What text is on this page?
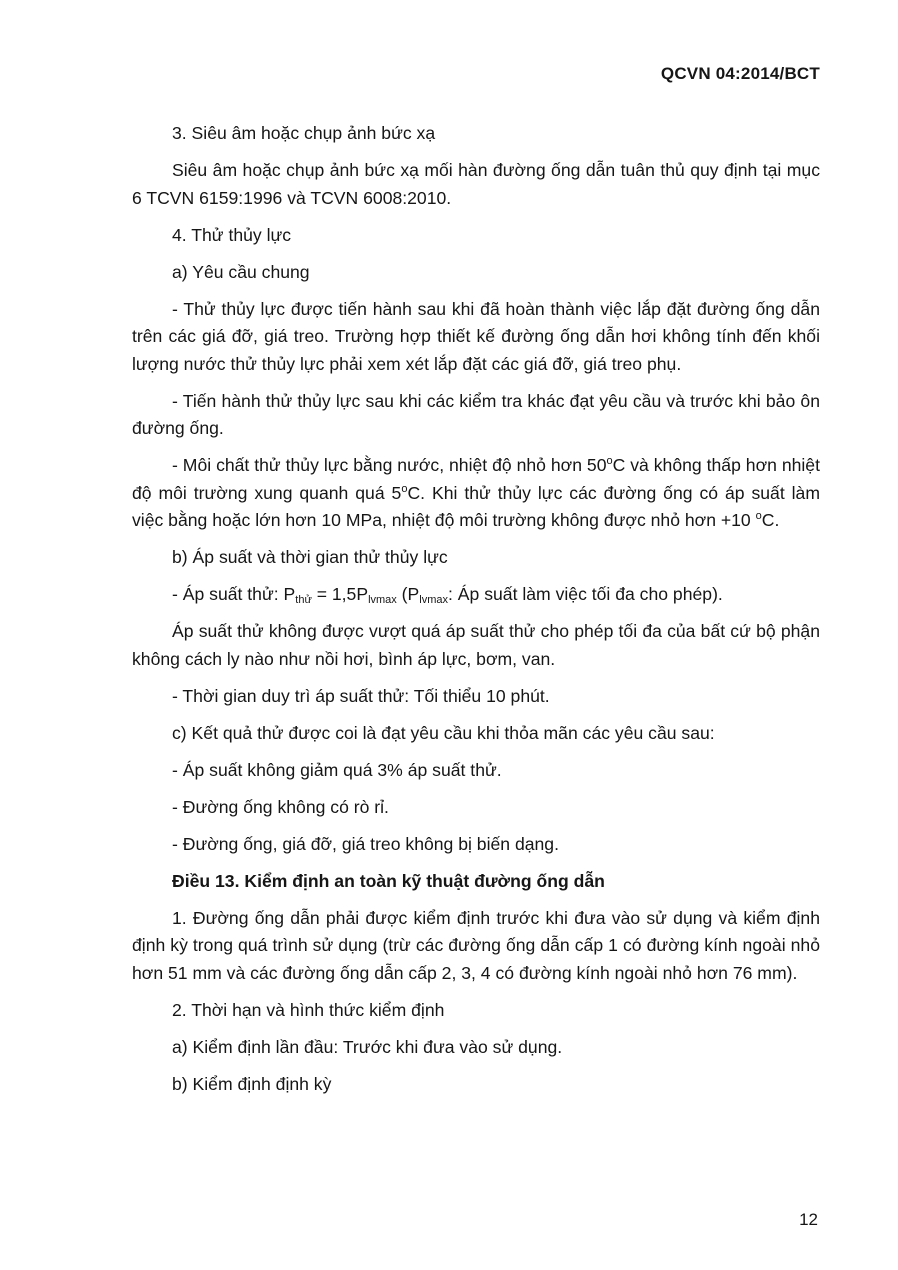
QCVN 04:2014/BCT

3. Siêu âm hoặc chụp ảnh bức xạ

Siêu âm hoặc chụp ảnh bức xạ mối hàn đường ống dẫn tuân thủ quy định tại mục 6 TCVN 6159:1996 và TCVN 6008:2010.

4. Thử thủy lực

a) Yêu cầu chung

- Thử thủy lực được tiến hành sau khi đã hoàn thành việc lắp đặt đường ống dẫn trên các giá đỡ, giá treo. Trường hợp thiết kế đường ống dẫn hơi không tính đến khối lượng nước thử thủy lực phải xem xét lắp đặt các giá đỡ, giá treo phụ.

- Tiến hành thử thủy lực sau khi các kiểm tra khác đạt yêu cầu và trước khi bảo ôn đường ống.

- Môi chất thử thủy lực bằng nước, nhiệt độ nhỏ hơn 50$^o$C và không thấp hơn nhiệt độ môi trường xung quanh quá 5$^o$C. Khi thử thủy lực các đường ống có áp suất làm việc bằng hoặc lớn hơn 10 MPa, nhiệt độ môi trường không được nhỏ hơn +10 $^o$C.

b) Áp suất và thời gian thử thủy lực

- Áp suất thử: $P_{thử} = 1,5P_{lvmax}$ ($P_{lvmax}$: Áp suất làm việc tối đa cho phép).

Áp suất thử không được vượt quá áp suất thử cho phép tối đa của bất cứ bộ phận không cách ly nào như nồi hơi, bình áp lực, bơm, van.

- Thời gian duy trì áp suất thử: Tối thiểu 10 phút.

c) Kết quả thử được coi là đạt yêu cầu khi thỏa mãn các yêu cầu sau:

- Áp suất không giảm quá 3% áp suất thử.

- Đường ống không có rò rỉ.

- Đường ống, giá đỡ, giá treo không bị biến dạng.

Điều 13. Kiểm định an toàn kỹ thuật đường ống dẫn

1. Đường ống dẫn phải được kiểm định trước khi đưa vào sử dụng và kiểm định định kỳ trong quá trình sử dụng (trừ các đường ống dẫn cấp 1 có đường kính ngoài nhỏ hơn 51 mm và các đường ống dẫn cấp 2, 3, 4 có đường kính ngoài nhỏ hơn 76 mm).

2. Thời hạn và hình thức kiểm định

a) Kiểm định lần đầu: Trước khi đưa vào sử dụng.

b) Kiểm định định kỳ

12
